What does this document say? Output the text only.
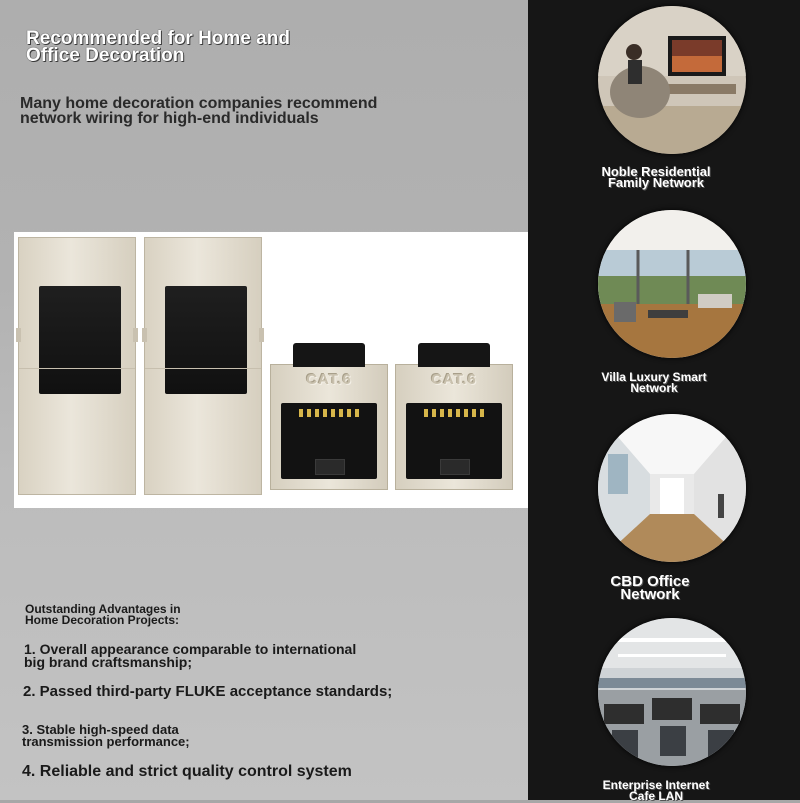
Recommended for Home and
Office Decoration
Many home decoration companies recommend
network wiring for high-end individuals
CAT.6	CAT.6
Outstanding Advantages in
Home Decoration Projects:
1. Overall appearance comparable to international
big brand craftsmanship;
2. Passed third-party FLUKE acceptance standards;
3. Stable high-speed data
transmission performance;
4. Reliable and strict quality control system
Noble Residential
Family Network
Villa Luxury Smart
Network
CBD Office
Network
Enterprise Internet
Cafe LAN
